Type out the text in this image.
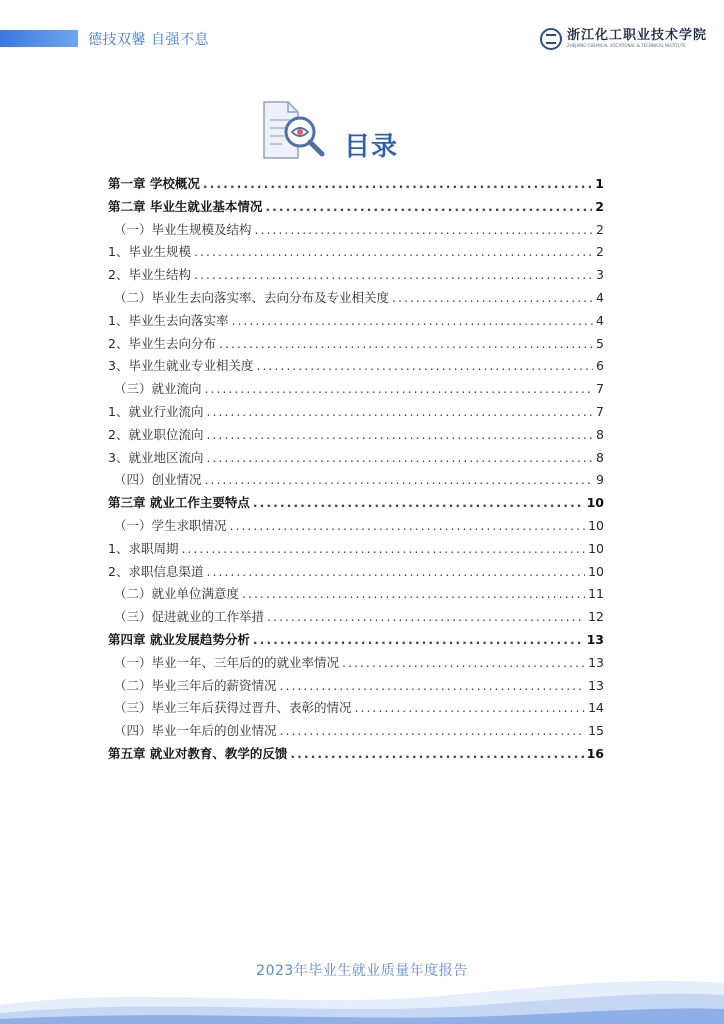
德技双馨 自强不息	浙江化工职业技术学院
ZHEJIANG CHEMICAL VOCATIONAL & TECHNICAL INSTITUTE
目录
第一章 学校概况 .....	1
第二章 毕业生就业基本情况 .....	2
（一）毕业生规模及结构 .....	2
1、毕业生规模 .....	2
2、毕业生结构 .....	3
（二）毕业生去向落实率、去向分布及专业相关度 .....	4
1、毕业生去向落实率 .....	4
2、毕业生去向分布 .....	5
3、毕业生就业专业相关度 .....	6
（三）就业流向 .....	7
1、就业行业流向 .....	7
2、就业职位流向 .....	8
3、就业地区流向 .....	8
（四）创业情况 .....	9
第三章 就业工作主要特点 .....	10
（一）学生求职情况 .....	10
1、求职周期 .....	10
2、求职信息渠道 .....	10
（二）就业单位满意度 .....	11
（三）促进就业的工作举措 .....	12
第四章 就业发展趋势分析 .....	13
（一）毕业一年、三年后的的就业率情况 .....	13
（二）毕业三年后的薪资情况 .....	13
（三）毕业三年后获得过晋升、表彰的情况 .....	14
（四）毕业一年后的创业情况 .....	15
第五章 就业对教育、教学的反馈 .....	16
2023年毕业生就业质量年度报告
